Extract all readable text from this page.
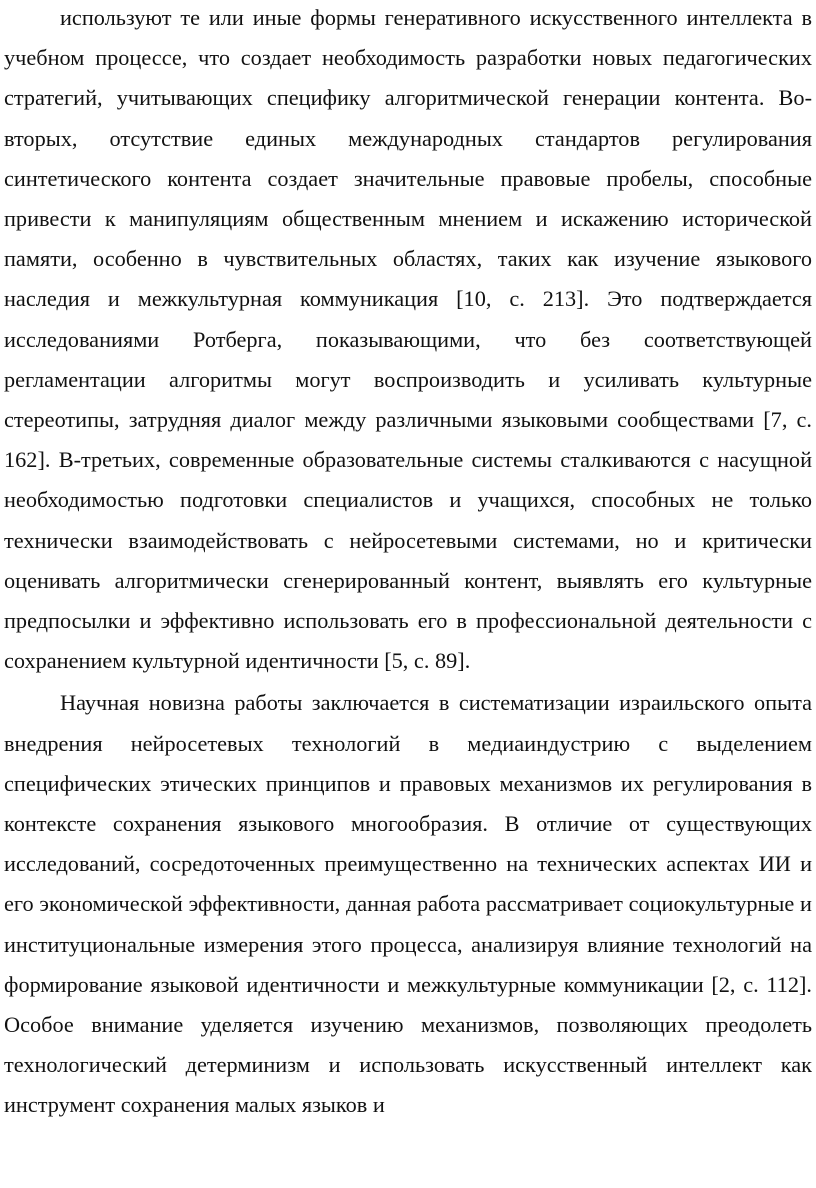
используют те или иные формы генеративного искусственного интеллекта в учебном процессе, что создает необходимость разработки новых педагогических стратегий, учитывающих специфику алгоритмической генерации контента. Во-вторых, отсутствие единых международных стандартов регулирования синтетического контента создает значительные правовые пробелы, способные привести к манипуляциям общественным мнением и искажению исторической памяти, особенно в чувствительных областях, таких как изучение языкового наследия и межкультурная коммуникация [10, с. 213]. Это подтверждается исследованиями Ротберга, показывающими, что без соответствующей регламентации алгоритмы могут воспроизводить и усиливать культурные стереотипы, затрудняя диалог между различными языковыми сообществами [7, с. 162]. В-третьих, современные образовательные системы сталкиваются с насущной необходимостью подготовки специалистов и учащихся, способных не только технически взаимодействовать с нейросетевыми системами, но и критически оценивать алгоритмически сгенерированный контент, выявлять его культурные предпосылки и эффективно использовать его в профессиональной деятельности с сохранением культурной идентичности [5, с. 89].

Научная новизна работы заключается в систематизации израильского опыта внедрения нейросетевых технологий в медиаиндустрию с выделением специфических этических принципов и правовых механизмов их регулирования в контексте сохранения языкового многообразия. В отличие от существующих исследований, сосредоточенных преимущественно на технических аспектах ИИ и его экономической эффективности, данная работа рассматривает социокультурные и институциональные измерения этого процесса, анализируя влияние технологий на формирование языковой идентичности и межкультурные коммуникации [2, с. 112]. Особое внимание уделяется изучению механизмов, позволяющих преодолеть технологический детерминизм и использовать искусственный интеллект как инструмент сохранения малых языков и
